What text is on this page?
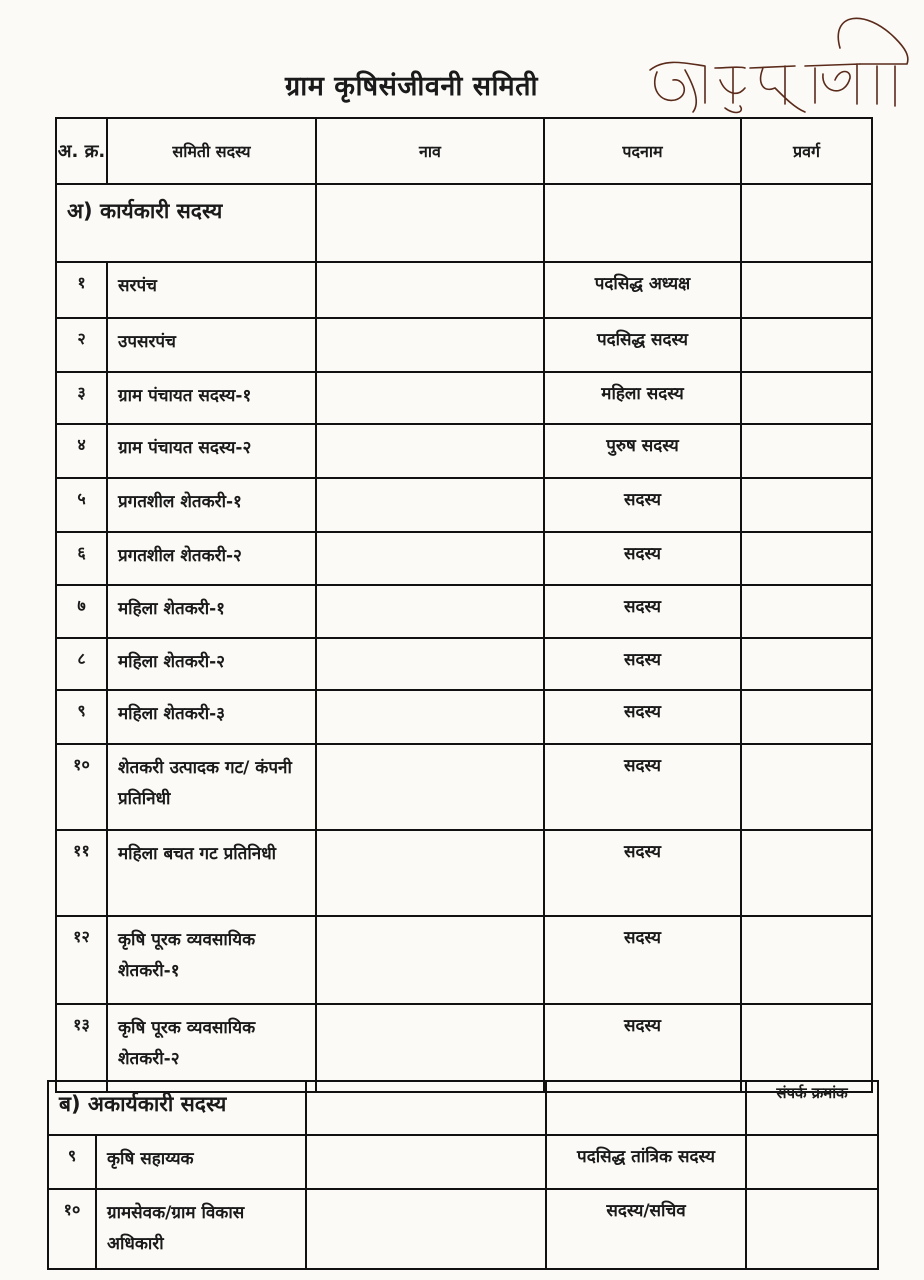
ग्राम कृषिसंजीवनी समिती
अ. क्र.	समिती सदस्य	नाव	पदनाम	प्रवर्ग
अ) कार्यकारी सदस्य				
१	सरपंच		पदसिद्ध अध्यक्ष	
२	उपसरपंच		पदसिद्ध सदस्य	
३	ग्राम पंचायत सदस्य-१		महिला सदस्य	
४	ग्राम पंचायत सदस्य-२		पुरुष सदस्य	
५	प्रगतशील शेतकरी-१		सदस्य	
६	प्रगतशील शेतकरी-२		सदस्य	
७	महिला शेतकरी-१		सदस्य	
८	महिला शेतकरी-२		सदस्य	
९	महिला शेतकरी-३		सदस्य	
१०	शेतकरी उत्पादक गट/ कंपनी प्रतिनिधी		सदस्य	
११	महिला बचत गट प्रतिनिधी		सदस्य	
१२	कृषि पूरक व्यवसायिक शेतकरी-१		सदस्य	
१३	कृषि पूरक व्यवसायिक शेतकरी-२		सदस्य	
ब) अकार्यकारी सदस्य				संपर्क क्रमांक
९	कृषि सहाय्यक		पदसिद्ध तांत्रिक सदस्य	
१०	ग्रामसेवक/ग्राम विकास अधिकारी		सदस्य/सचिव	
